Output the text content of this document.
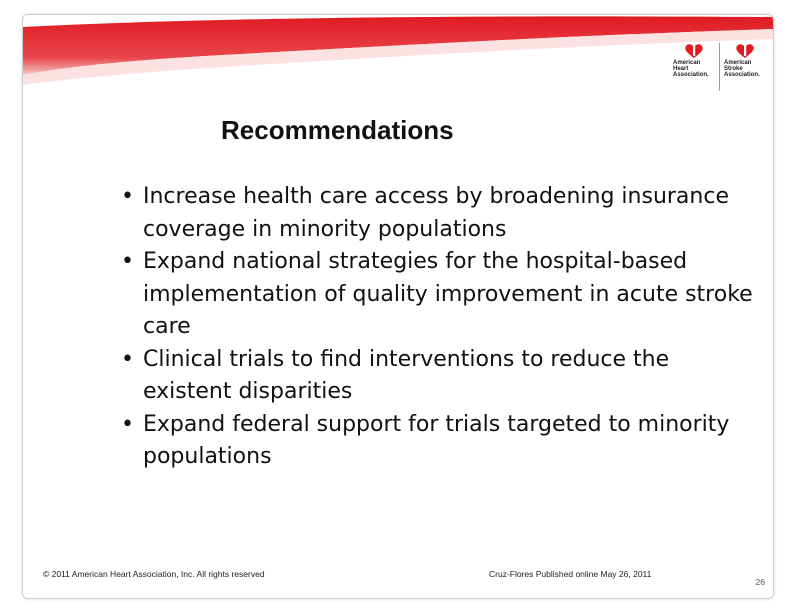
American
Heart
Association.
American
Stroke
Association.
Recommendations
• Increase health care access by broadening insurance coverage in minority populations
• Expand national strategies for the hospital-based implementation of quality improvement in acute stroke care
• Clinical trials to find interventions to reduce the existent disparities
• Expand federal support for trials targeted to minority populations
© 2011 American Heart Association, Inc. All rights reserved	Cruz-Flores Published online May 26, 2011
26
